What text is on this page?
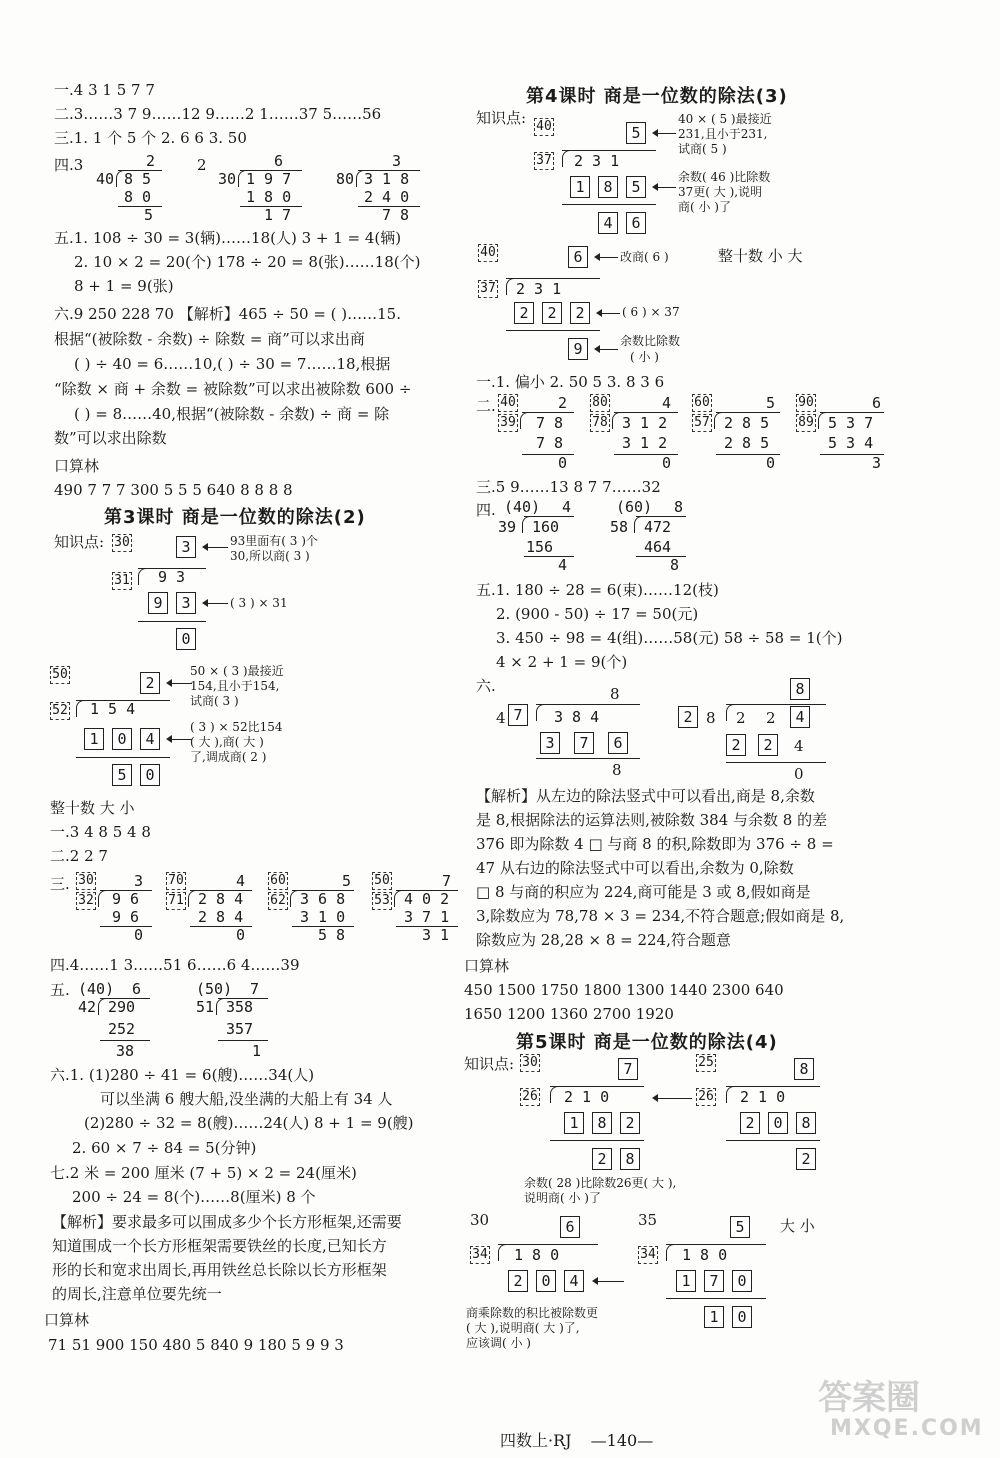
一.4 3 1 5 7 7
二.3……3 7 9……12 9……2 1……37 5……56
三.1. 1 个 5 个 2. 6 6 3. 50
四.3	2
40 8 5
8 0
5
2	6
30 1 9 7
1 8 0
1 7
3
80 3 1 8
2 4 0
7 8
五.1. 108 ÷ 30 = 3(辆)……18(人) 3 + 1 = 4(辆)
2. 10 × 2 = 20(个) 178 ÷ 20 = 8(张)……18(个)
8 + 1 = 9(张)
六.9 250 228 70 【解析】465 ÷ 50 = ( )……15.
根据“(被除数 - 余数) ÷ 除数 = 商”可以求出商
( ) ÷ 40 = 6……10,( ) ÷ 30 = 7……18,根据
“除数 × 商 + 余数 = 被除数”可以求出被除数 600 ÷
( ) = 8……40,根据“(被除数 - 余数) ÷ 商 = 除
数”可以求出除数
口算林
490 7 7 7 300 5 5 5 640 8 8 8 8
第3课时 商是一位数的除法(2)
知识点: 30
31
3	93里面有( 3 )个
30,所以商( 3 )
9 3
9	3	( 3 ) × 31
0
50
52
2
50 × ( 3 )最接近
154,且小于154,
试商( 3 )
1 5 4
1	0	4
( 3 ) × 52比154
( 大 ),商( 大 )
了,调成商( 2 )
5	0
整十数 大 小
一.3 4 8 5 4 8
二.2 2 7
三. 30	3
32 9 6
9 6
0
70	4
71 2 8 4
2 8 4
0
60	5
62 3 6 8
3 1 0
5 8
50	7
53 4 0 2
3 7 1
3 1
四.4……1 3……51 6……6 4……39
五. (40) 6
42 290
252
38
(50) 7
51 358
357
1
六.1. (1)280 ÷ 41 = 6(艘)……34(人)
可以坐满 6 艘大船,没坐满的大船上有 34 人
(2)280 ÷ 32 = 8(艘)……24(人) 8 + 1 = 9(艘)
2. 60 × 7 ÷ 84 = 5(分钟)
七.2 米 = 200 厘米 (7 + 5) × 2 = 24(厘米)
200 ÷ 24 = 8(个)……8(厘米) 8 个
【解析】要求最多可以围成多少个长方形框架,还需要
知道围成一个长方形框架需要铁丝的长度,已知长方
形的长和宽求出周长,再用铁丝总长除以长方形框架
的周长,注意单位要先统一
口算林
71 51 900 150 480 5 840 9 180 5 9 9 3
第4课时 商是一位数的除法(3)
知识点: 40
37
5
40 × ( 5 )最接近
231,且小于231,
试商( 5 )
2 3 1
1	8	5
余数( 46 )比除数
37更( 大 ),说明
商( 小 )了
4	6
40
37
6	改商( 6 )	整十数 小 大
2 3 1
2	2	2	( 6 ) × 37
9	余数比除数
( 小 )
一.1. 偏小 2. 50 5 3. 8 3 6
二. 40	2
39 7 8
7 8
0
80	4
78 3 1 2
3 1 2
0
60	5
57 2 8 5
2 8 5
0
90	6
89 5 3 7
5 3 4
3
三.5 9……13 8 7 7……32
四. (40) 4
39 160
156
4
(60) 8
58 472
464
8
五.1. 180 ÷ 28 = 6(束)……12(枝)
2. (900 - 50) ÷ 17 = 50(元)
3. 450 ÷ 98 = 4(组)……58(元) 58 ÷ 58 = 1(个)
4 × 2 + 1 = 9(个)
六.	8
4 7	3 8 4
3	7	6
8
8
2 8 2 2	4
2	2	4
0
【解析】从左边的除法竖式中可以看出,商是 8,余数
是 8,根据除法的运算法则,被除数 384 与余数 8 的差
376 即为除数 4 □ 与商 8 的积,除数即为 376 ÷ 8 =
47 从右边的除法竖式中可以看出,余数为 0,除数
□ 8 与商的积应为 224,商可能是 3 或 8,假如商是
3,除数应为 78,78 × 3 = 234,不符合题意;假如商是 8,
除数应为 28,28 × 8 = 224,符合题意
口算林
450 1500 1750 1800 1300 1440 2300 640
1650 1200 1360 2700 1920
第5课时 商是一位数的除法(4)
知识点: 30
26
7
2 1 0
1	8	2
2	8
25
26
8
2 1 0
2	0	8
2
余数( 28 )比除数26更( 大 ),
说明商( 小 )了
30
34
6
1 8 0
2	0	4
35
34
5	大 小
1 8 0
1	7	0
1	0
商乘除数的积比被除数更
( 大 ),说明商( 大 )了,
应该调( 小 )
四数上·RJ —140—
答案圈
MXQE.COM
